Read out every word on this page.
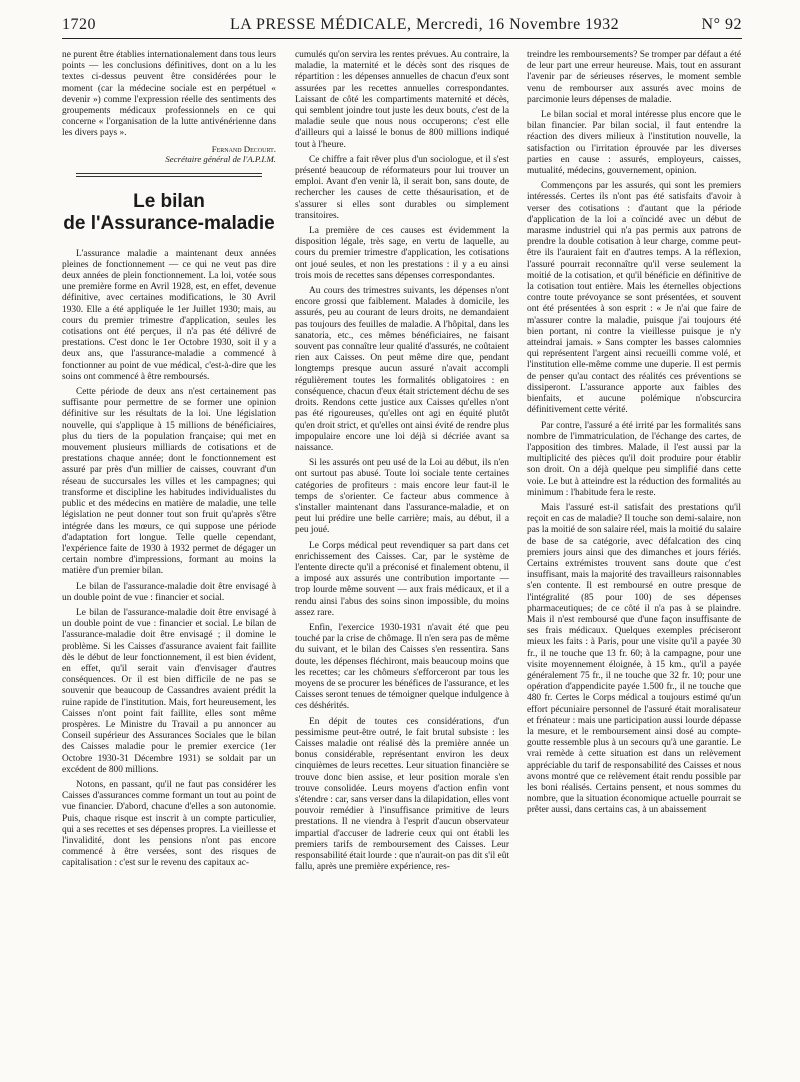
1720	LA PRESSE MÉDICALE, Mercredi, 16 Novembre 1932	N° 92

ne purent être établies internationalement dans tous leurs points — les conclusions définitives, dont on a lu les textes ci-dessus peuvent être considérées pour le moment (car la médecine sociale est en perpétuel « devenir ») comme l'expression réelle des sentiments des groupements médicaux professionnels en ce qui concerne « l'organisation de la lutte antivénérienne dans les divers pays ».

Fernand Decourt.
Secrétaire général de l'A.P.I.M.
Le bilan
de l'Assurance-maladie

L'assurance maladie a maintenant deux années pleines de fonctionnement — ce qui ne veut pas dire deux années de plein fonctionnement. La loi, votée sous une première forme en Avril 1928, est, en effet, devenue définitive, avec certaines modifications, le 30 Avril 1930. Elle a été appliquée le 1er Juillet 1930; mais, au cours du premier trimestre d'application, seules les cotisations ont été perçues, il n'a pas été délivré de prestations. C'est donc le 1er Octobre 1930, soit il y a deux ans, que l'assurance-maladie a commencé à fonctionner au point de vue médical, c'est-à-dire que les soins ont commencé à être remboursés.

Cette période de deux ans n'est certainement pas suffisante pour permettre de se former une opinion définitive sur les résultats de la loi. Une législation nouvelle, qui s'applique à 15 millions de bénéficiaires, plus du tiers de la population française; qui met en mouvement plusieurs milliards de cotisations et de prestations chaque année; dont le fonctionnement est assuré par près d'un millier de caisses, couvrant d'un réseau de succursales les villes et les campagnes; qui transforme et discipline les habitudes individualistes du public et des médecins en matière de maladie, une telle législation ne peut donner tout son fruit qu'après s'être intégrée dans les mœurs, ce qui suppose une période d'adaptation fort longue. Telle quelle cependant, l'expérience faite de 1930 à 1932 permet de dégager un certain nombre d'impressions, formant au moins la matière d'un premier bilan.

Le bilan de l'assurance-maladie doit être envisagé à un double point de vue : financier et social.

Le bilan de l'assurance-maladie doit être envisagé à un double point de vue : financier et social. Le bilan de l'assurance-maladie doit être envisagé ; il domine le problème. Si les Caisses d'assurance avaient fait faillite dès le début de leur fonctionnement, il est bien évident, en effet, qu'il serait vain d'envisager d'autres conséquences. Or il est bien difficile de ne pas se souvenir que beaucoup de Cassandres avaient prédit la ruine rapide de l'institution. Mais, fort heureusement, les Caisses n'ont point fait faillite, elles sont même prospères. Le Ministre du Travail a pu annoncer au Conseil supérieur des Assurances Sociales que le bilan des Caisses maladie pour le premier exercice (1er Octobre 1930-31 Décembre 1931) se soldait par un excédent de 800 millions.

Notons, en passant, qu'il ne faut pas considérer les Caisses d'assurances comme formant un tout au point de vue financier. D'abord, chacune d'elles a son autonomie. Puis, chaque risque est inscrit à un compte particulier, qui a ses recettes et ses dépenses propres. La vieillesse et l'invalidité, dont les pensions n'ont pas encore commencé à être versées, sont des risques de capitalisation : c'est sur le revenu des capitaux ac-

cumulés qu'on servira les rentes prévues. Au contraire, la maladie, la maternité et le décès sont des risques de répartition : les dépenses annuelles de chacun d'eux sont assurées par les recettes annuelles correspondantes. Laissant de côté les compartiments maternité et décès, qui semblent joindre tout juste les deux bouts, c'est de la maladie seule que nous nous occuperons; c'est elle d'ailleurs qui a laissé le bonus de 800 millions indiqué tout à l'heure.

Ce chiffre a fait rêver plus d'un sociologue, et il s'est présenté beaucoup de réformateurs pour lui trouver un emploi. Avant d'en venir là, il serait bon, sans doute, de rechercher les causes de cette thésaurisation, et de s'assurer si elles sont durables ou simplement transitoires.

La première de ces causes est évidemment la disposition légale, très sage, en vertu de laquelle, au cours du premier trimestre d'application, les cotisations ont joué seules, et non les prestations : il y a eu ainsi trois mois de recettes sans dépenses correspondantes.

Au cours des trimestres suivants, les dépenses n'ont encore grossi que faiblement. Malades à domicile, les assurés, peu au courant de leurs droits, ne demandaient pas toujours des feuilles de maladie. A l'hôpital, dans les sanatoria, etc., ces mêmes bénéficiaires, ne faisant souvent pas connaître leur qualité d'assurés, ne coûtaient rien aux Caisses. On peut même dire que, pendant longtemps presque aucun assuré n'avait accompli régulièrement toutes les formalités obligatoires : en conséquence, chacun d'eux était strictement déchu de ses droits. Rendons cette justice aux Caisses qu'elles n'ont pas été rigoureuses, qu'elles ont agi en équité plutôt qu'en droit strict, et qu'elles ont ainsi évité de rendre plus impopulaire encore une loi déjà si décriée avant sa naissance.

Si les assurés ont peu usé de la Loi au début, ils n'en ont surtout pas abusé. Toute loi sociale tente certaines catégories de profiteurs : mais encore leur faut-il le temps de s'orienter. Ce facteur abus commence à s'installer maintenant dans l'assurance-maladie, et on peut lui prédire une belle carrière; mais, au début, il a peu joué.

Le Corps médical peut revendiquer sa part dans cet enrichissement des Caisses. Car, par le système de l'entente directe qu'il a préconisé et finalement obtenu, il a imposé aux assurés une contribution importante — trop lourde même souvent — aux frais médicaux, et il a rendu ainsi l'abus des soins sinon impossible, du moins assez rare.

Enfin, l'exercice 1930-1931 n'avait été que peu touché par la crise de chômage. Il n'en sera pas de même du suivant, et le bilan des Caisses s'en ressentira. Sans doute, les dépenses fléchiront, mais beaucoup moins que les recettes; car les chômeurs s'efforceront par tous les moyens de se procurer les bénéfices de l'assurance, et les Caisses seront tenues de témoigner quelque indulgence à ces déshérités.

En dépit de toutes ces considérations, d'un pessimisme peut-être outré, le fait brutal subsiste : les Caisses maladie ont réalisé dès la première année un bonus considérable, représentant environ les deux cinquièmes de leurs recettes. Leur situation financière se trouve donc bien assise, et leur position morale s'en trouve consolidée. Leurs moyens d'action enfin vont s'étendre : car, sans verser dans la dilapidation, elles vont pouvoir remédier à l'insuffisance primitive de leurs prestations. Il ne viendra à l'esprit d'aucun observateur impartial d'accuser de ladrerie ceux qui ont établi les premiers tarifs de remboursement des Caisses. Leur responsabilité était lourde : que n'aurait-on pas dit s'il eût fallu, après une première expérience, res-

treindre les remboursements? Se tromper par défaut a été de leur part une erreur heureuse. Mais, tout en assurant l'avenir par de sérieuses réserves, le moment semble venu de rembourser aux assurés avec moins de parcimonie leurs dépenses de maladie.

Le bilan social et moral intéresse plus encore que le bilan financier. Par bilan social, il faut entendre la réaction des divers milieux à l'institution nouvelle, la satisfaction ou l'irritation éprouvée par les diverses parties en cause : assurés, employeurs, caisses, mutualité, médecins, gouvernement, opinion.

Commençons par les assurés, qui sont les premiers intéressés. Certes ils n'ont pas été satisfaits d'avoir à verser des cotisations : d'autant que la période d'application de la loi a coïncidé avec un début de marasme industriel qui n'a pas permis aux patrons de prendre la double cotisation à leur charge, comme peut-être ils l'auraient fait en d'autres temps. A la réflexion, l'assuré pourrait reconnaître qu'il verse seulement la moitié de la cotisation, et qu'il bénéficie en définitive de la cotisation tout entière. Mais les éternelles objections contre toute prévoyance se sont présentées, et souvent ont été présentées à son esprit : « Je n'ai que faire de m'assurer contre la maladie, puisque j'ai toujours été bien portant, ni contre la vieillesse puisque je n'y atteindrai jamais. » Sans compter les basses calomnies qui représentent l'argent ainsi recueilli comme volé, et l'institution elle-même comme une duperie. Il est permis de penser qu'au contact des réalités ces préventions se dissiperont. L'assurance apporte aux faibles des bienfaits, et aucune polémique n'obscurcira définitivement cette vérité.

Par contre, l'assuré a été irrité par les formalités sans nombre de l'immatriculation, de l'échange des cartes, de l'apposition des timbres. Malade, il l'est aussi par la multiplicité des pièces qu'il doit produire pour établir son droit. On a déjà quelque peu simplifié dans cette voie. Le but à atteindre est la réduction des formalités au minimum : l'habitude fera le reste.

Mais l'assuré est-il satisfait des prestations qu'il reçoit en cas de maladie? Il touche son demi-salaire, non pas la moitié de son salaire réel, mais la moitié du salaire de base de sa catégorie, avec défalcation des cinq premiers jours ainsi que des dimanches et jours fériés. Certains extrémistes trouvent sans doute que c'est insuffisant, mais la majorité des travailleurs raisonnables s'en contente. Il est remboursé en outre presque de l'intégralité (85 pour 100) de ses dépenses pharmaceutiques; de ce côté il n'a pas à se plaindre. Mais il n'est remboursé que d'une façon insuffisante de ses frais médicaux. Quelques exemples préciseront mieux les faits : à Paris, pour une visite qu'il a payée 30 fr., il ne touche que 13 fr. 60; à la campagne, pour une visite moyennement éloignée, à 15 km., qu'il a payée généralement 75 fr., il ne touche que 32 fr. 10; pour une opération d'appendicite payée 1.500 fr., il ne touche que 480 fr. Certes le Corps médical a toujours estimé qu'un effort pécuniaire personnel de l'assuré était moralisateur et frénateur : mais une participation aussi lourde dépasse la mesure, et le remboursement ainsi dosé au compte-goutte ressemble plus à un secours qu'à une garantie. Le vrai remède à cette situation est dans un relèvement appréciable du tarif de responsabilité des Caisses et nous avons montré que ce relèvement était rendu possible par les boni réalisés. Certains pensent, et nous sommes du nombre, que la situation économique actuelle pourrait se prêter aussi, dans certains cas, à un abaissement
